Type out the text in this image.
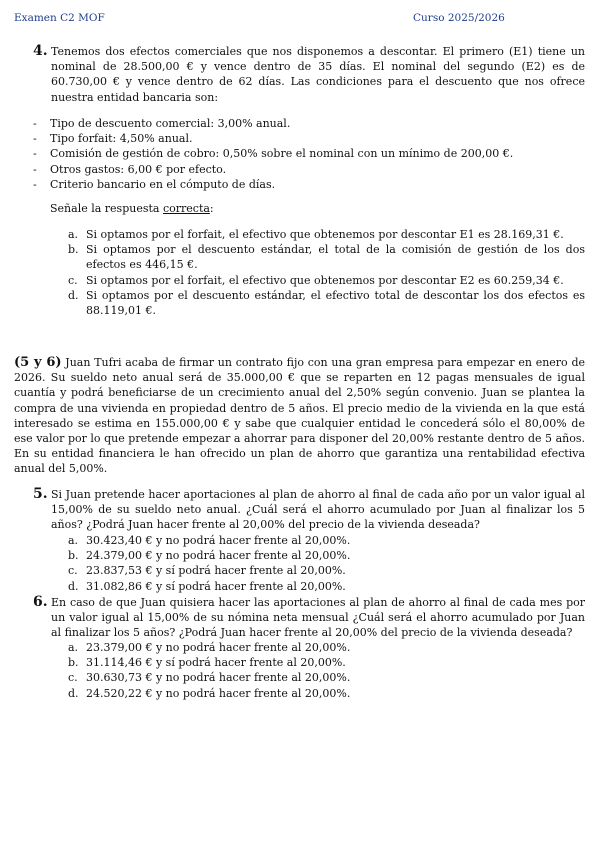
Examen C2 MOF	Curso 2025/2026
4. Tenemos dos efectos comerciales que nos disponemos a descontar. El primero (E1) tiene un nominal de 28.500,00 € y vence dentro de 35 días. El nominal del segundo (E2) es de 60.730,00 € y vence dentro de 62 días. Las condiciones para el descuento que nos ofrece nuestra entidad bancaria son:
-	Tipo de descuento comercial: 3,00% anual.
-	Tipo forfait: 4,50% anual.
-	Comisión de gestión de cobro: 0,50% sobre el nominal con un mínimo de 200,00 €.
-	Otros gastos: 6,00 € por efecto.
-	Criterio bancario en el cómputo de días.
Señale la respuesta correcta:
a. Si optamos por el forfait, el efectivo que obtenemos por descontar E1 es 28.169,31 €.
b. Si optamos por el descuento estándar, el total de la comisión de gestión de los dos efectos es 446,15 €.
c. Si optamos por el forfait, el efectivo que obtenemos por descontar E2 es 60.259,34 €.
d. Si optamos por el descuento estándar, el efectivo total de descontar los dos efectos es 88.119,01 €.
(5 y 6) Juan Tufri acaba de firmar un contrato fijo con una gran empresa para empezar en enero de 2026. Su sueldo neto anual será de 35.000,00 € que se reparten en 12 pagas mensuales de igual cuantía y podrá beneficiarse de un crecimiento anual del 2,50% según convenio. Juan se plantea la compra de una vivienda en propiedad dentro de 5 años. El precio medio de la vivienda en la que está interesado se estima en 155.000,00 € y sabe que cualquier entidad le concederá sólo el 80,00% de ese valor por lo que pretende empezar a ahorrar para disponer del 20,00% restante dentro de 5 años. En su entidad financiera le han ofrecido un plan de ahorro que garantiza una rentabilidad efectiva anual del 5,00%.
5. Si Juan pretende hacer aportaciones al plan de ahorro al final de cada año por un valor igual al 15,00% de su sueldo neto anual. ¿Cuál será el ahorro acumulado por Juan al finalizar los 5 años? ¿Podrá Juan hacer frente al 20,00% del precio de la vivienda deseada?
a. 30.423,40 € y no podrá hacer frente al 20,00%.
b. 24.379,00 € y no podrá hacer frente al 20,00%.
c. 23.837,53 € y sí podrá hacer frente al 20,00%.
d. 31.082,86 € y sí podrá hacer frente al 20,00%.
6. En caso de que Juan quisiera hacer las aportaciones al plan de ahorro al final de cada mes por un valor igual al 15,00% de su nómina neta mensual ¿Cuál será el ahorro acumulado por Juan al finalizar los 5 años? ¿Podrá Juan hacer frente al 20,00% del precio de la vivienda deseada?
a. 23.379,00 € y no podrá hacer frente al 20,00%.
b. 31.114,46 € y sí podrá hacer frente al 20,00%.
c. 30.630,73 € y no podrá hacer frente al 20,00%.
d. 24.520,22 € y no podrá hacer frente al 20,00%.
